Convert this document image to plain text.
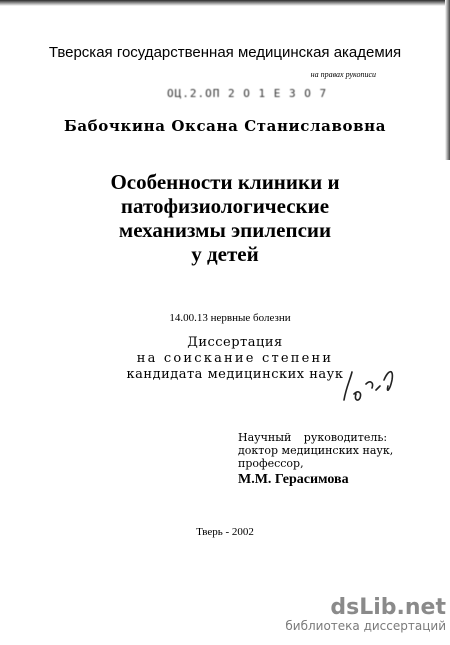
Тверская государственная медицинская академия
на правах рукописи
ОЦ.2.ОП 2 Ο 1 Ε 3 Ο 7
Бабочкина Оксана Станиславовна
Особенности клиники и
патофизиологические
механизмы эпилепсии
у детей
14.00.13 нервные болезни
Диссертация
на соискание степени
кандидата медицинских наук
Научный руководитель:
доктор медицинских наук,
профессор,
М.М. Герасимова
Тверь - 2002
dsLib.net
библиотека диссертаций
